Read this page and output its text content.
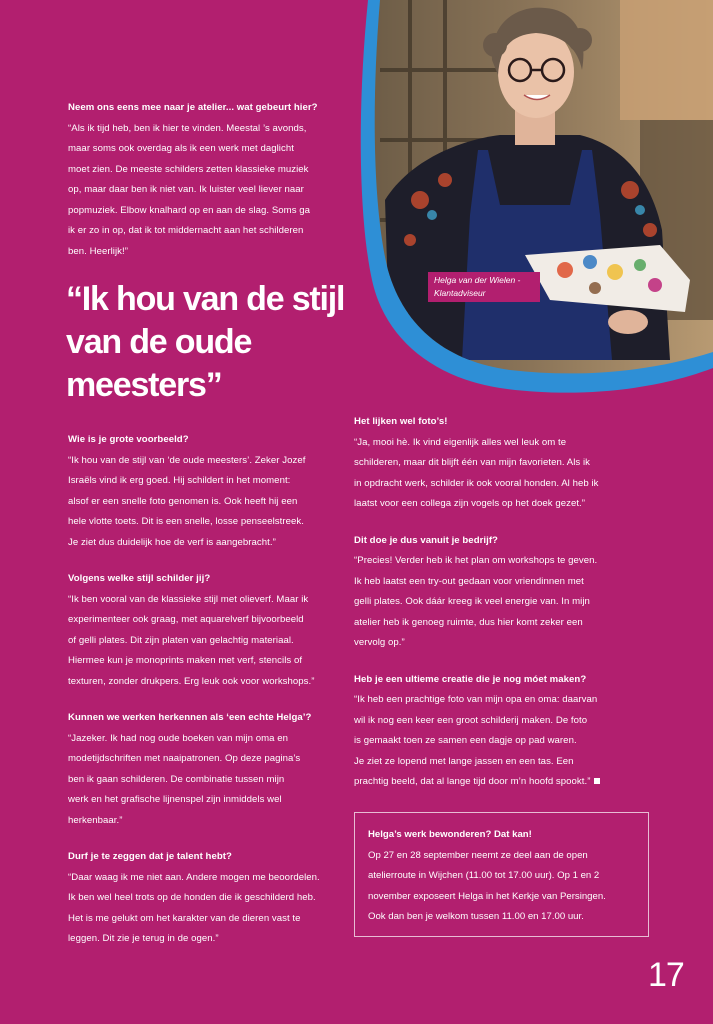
Helga van der Wielen -
Klantadviseur

Neem ons eens mee naar je atelier... wat gebeurt hier?

“Als ik tijd heb, ben ik hier te vinden. Meestal ’s avonds,

maar soms ook overdag als ik een werk met daglicht

moet zien. De meeste schilders zetten klassieke muziek

op, maar daar ben ik niet van. Ik luister veel liever naar

popmuziek. Elbow knalhard op en aan de slag. Soms ga

ik er zo in op, dat ik tot middernacht aan het schilderen

ben. Heerlijk!”

“Ik hou van de stijl
van de oude
meesters”

Wie is je grote voorbeeld?

“Ik hou van de stijl van ‘de oude meesters’. Zeker Jozef

Israëls vind ik erg goed. Hij schildert in het moment:

alsof er een snelle foto genomen is. Ook heeft hij een

hele vlotte toets. Dit is een snelle, losse penseelstreek.

Je ziet dus duidelijk hoe de verf is aangebracht.”

Volgens welke stijl schilder jij?

“Ik ben vooral van de klassieke stijl met olieverf. Maar ik

experimenteer ook graag, met aquarelverf bijvoorbeeld

of gelli plates. Dit zijn platen van gelachtig materiaal.

Hiermee kun je monoprints maken met verf, stencils of

texturen, zonder drukpers. Erg leuk ook voor workshops.”

Kunnen we werken herkennen als ‘een echte Helga’?

“Jazeker. Ik had nog oude boeken van mijn oma en

modetijdschriften met naaipatronen. Op deze pagina’s

ben ik gaan schilderen. De combinatie tussen mijn

werk en het grafische lijnenspel zijn inmiddels wel

herkenbaar.”

Durf je te zeggen dat je talent hebt?

“Daar waag ik me niet aan. Andere mogen me beoordelen.

Ik ben wel heel trots op de honden die ik geschilderd heb.

Het is me gelukt om het karakter van de dieren vast te

leggen. Dit zie je terug in de ogen.”

Het lijken wel foto’s!

“Ja, mooi hè. Ik vind eigenlijk alles wel leuk om te

schilderen, maar dit blijft één van mijn favorieten. Als ik

in opdracht werk, schilder ik ook vooral honden. Al heb ik

laatst voor een collega zijn vogels op het doek gezet.”

Dit doe je dus vanuit je bedrijf?

“Precies! Verder heb ik het plan om workshops te geven.

Ik heb laatst een try-out gedaan voor vriendinnen met

gelli plates. Ook dáár kreeg ik veel energie van. In mijn

atelier heb ik genoeg ruimte, dus hier komt zeker een

vervolg op.”

Heb je een ultieme creatie die je nog móet maken?

“Ik heb een prachtige foto van mijn opa en oma: daarvan

wil ik nog een keer een groot schilderij maken. De foto

is gemaakt toen ze samen een dagje op pad waren.

Je ziet ze lopend met lange jassen en een tas. Een

prachtig beeld, dat al lange tijd door m’n hoofd spookt.”

Helga’s werk bewonderen? Dat kan!
Op 27 en 28 september neemt ze deel aan de open
atelierroute in Wijchen (11.00 tot 17.00 uur). Op 1 en 2
november exposeert Helga in het Kerkje van Persingen.
Ook dan ben je welkom tussen 11.00 en 17.00 uur.
17
